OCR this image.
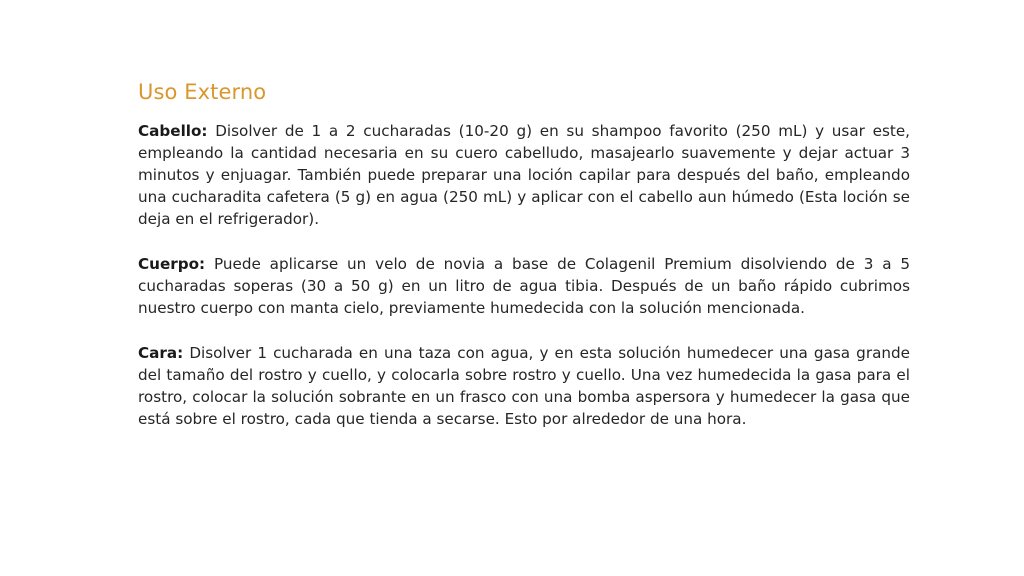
Uso Externo

Cabello: Disolver de 1 a 2 cucharadas (10-20 g) en su shampoo favorito (250 mL) y usar este, empleando la cantidad necesaria en su cuero cabelludo, masajearlo suavemente y dejar actuar 3 minutos y enjuagar. También puede preparar una loción capilar para después del baño, empleando una cucharadita cafetera (5 g) en agua (250 mL) y aplicar con el cabello aun húmedo (Esta loción se deja en el refrigerador).

Cuerpo: Puede aplicarse un velo de novia a base de Colagenil Premium disolviendo de 3 a 5 cucharadas soperas (30 a 50 g) en un litro de agua tibia. Después de un baño rápido cubrimos nuestro cuerpo con manta cielo, previamente humedecida con la solución mencionada.

Cara: Disolver 1 cucharada en una taza con agua, y en esta solución humedecer una gasa grande del tamaño del rostro y cuello, y colocarla sobre rostro y cuello. Una vez humedecida la gasa para el rostro, colocar la solución sobrante en un frasco con una bomba aspersora y humedecer la gasa que está sobre el rostro, cada que tienda a secarse. Esto por alrededor de una hora.
